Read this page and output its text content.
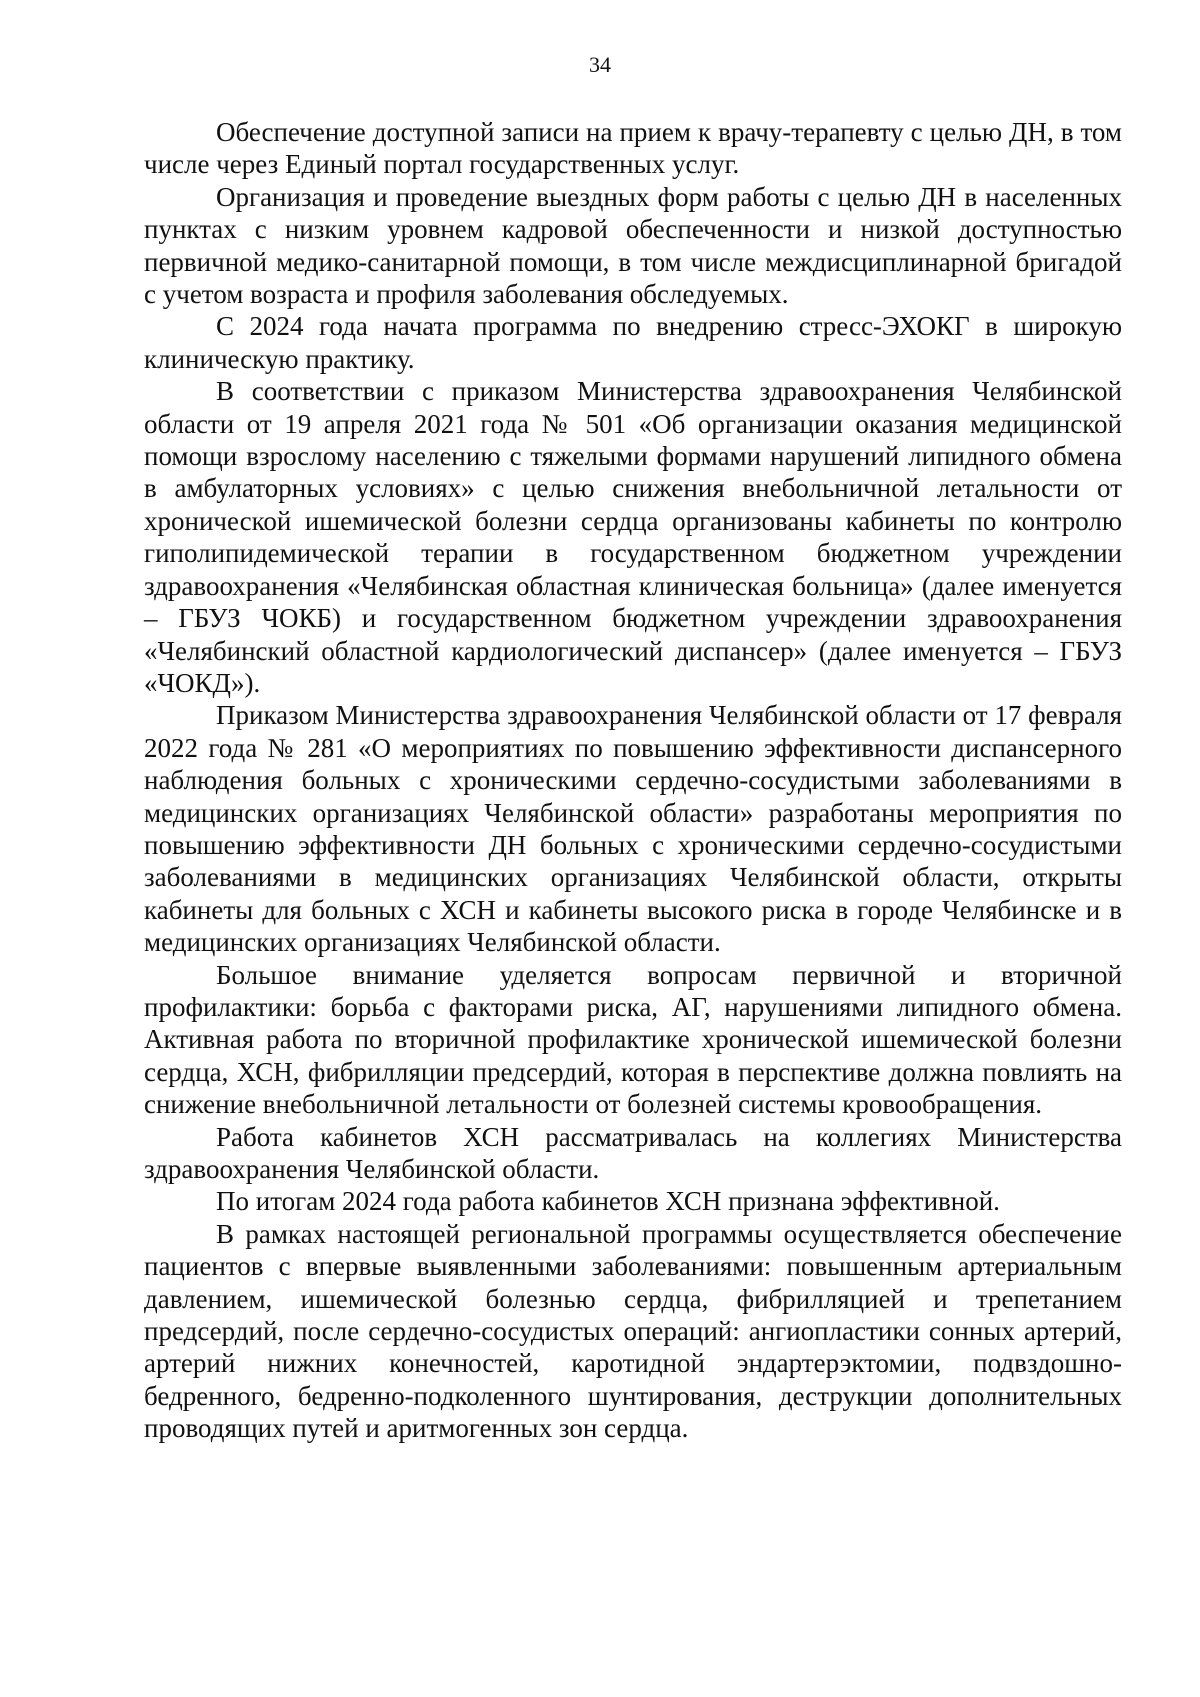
34

Обеспечение доступной записи на прием к врачу-терапевту с целью ДН, в том числе через Единый портал государственных услуг.

Организация и проведение выездных форм работы с целью ДН в населенных пунктах с низким уровнем кадровой обеспеченности и низкой доступностью первичной медико-санитарной помощи, в том числе междисциплинарной бригадой с учетом возраста и профиля заболевания обследуемых.

С 2024 года начата программа по внедрению стресс-ЭХОКГ в широкую клиническую практику.

В соответствии с приказом Министерства здравоохранения Челябинской области от 19 апреля 2021 года № 501 «Об организации оказания медицинской помощи взрослому населению с тяжелыми формами нарушений липидного обмена в амбулаторных условиях» с целью снижения внебольничной летальности от хронической ишемической болезни сердца организованы кабинеты по контролю гиполипидемической терапии в государственном бюджетном учреждении здравоохранения «Челябинская областная клиническая больница» (далее именуется – ГБУЗ ЧОКБ) и государственном бюджетном учреждении здравоохранения «Челябинский областной кардиологический диспансер» (далее именуется – ГБУЗ «ЧОКД»).

Приказом Министерства здравоохранения Челябинской области от 17 февраля 2022 года № 281 «О мероприятиях по повышению эффективности диспансерного наблюдения больных с хроническими сердечно-сосудистыми заболеваниями в медицинских организациях Челябинской области» разработаны мероприятия по повышению эффективности ДН больных с хроническими сердечно-сосудистыми заболеваниями в медицинских организациях Челябинской области, открыты кабинеты для больных с ХСН и кабинеты высокого риска в городе Челябинске и в медицинских организациях Челябинской области.

Большое внимание уделяется вопросам первичной и вторичной профилактики: борьба с факторами риска, АГ, нарушениями липидного обмена. Активная работа по вторичной профилактике хронической ишемической болезни сердца, ХСН, фибрилляции предсердий, которая в перспективе должна повлиять на снижение внебольничной летальности от болезней системы кровообращения.

Работа кабинетов ХСН рассматривалась на коллегиях Министерства здравоохранения Челябинской области.

По итогам 2024 года работа кабинетов ХСН признана эффективной.

В рамках настоящей региональной программы осуществляется обеспечение пациентов с впервые выявленными заболеваниями: повышенным артериальным давлением, ишемической болезнью сердца, фибрилляцией и трепетанием предсердий, после сердечно-сосудистых операций: ангиопластики сонных артерий, артерий нижних конечностей, каротидной эндартерэктомии, подвздошно-бедренного, бедренно-подколенного шунтирования, деструкции дополнительных проводящих путей и аритмогенных зон сердца.
